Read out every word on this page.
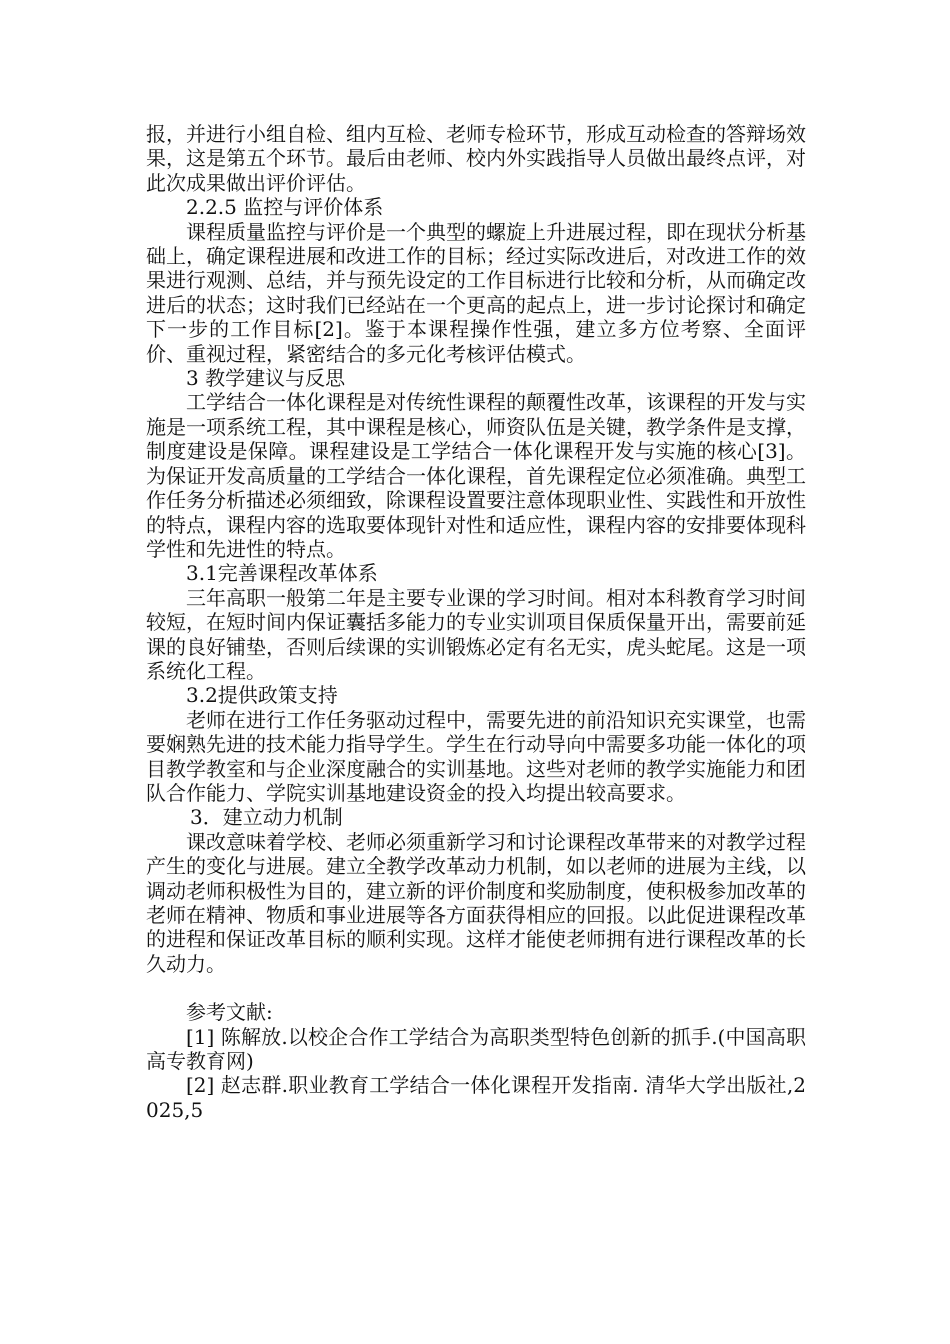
报，并进行小组自检、组内互检、老师专检环节，形成互动检查的答辩场效果，这是第五个环节。最后由老师、校内外实践指导人员做出最终点评，对此次成果做出评价评估。

2.2.5 监控与评价体系

课程质量监控与评价是一个典型的螺旋上升进展过程，即在现状分析基础上，确定课程进展和改进工作的目标；经过实际改进后，对改进工作的效果进行观测、总结，并与预先设定的工作目标进行比较和分析，从而确定改进后的状态；这时我们已经站在一个更高的起点上，进一步讨论探讨和确定下一步的工作目标[2]。鉴于本课程操作性强，建立多方位考察、全面评价、重视过程，紧密结合的多元化考核评估模式。

3 教学建议与反思

工学结合一体化课程是对传统性课程的颠覆性改革，该课程的开发与实施是一项系统工程，其中课程是核心，师资队伍是关键，教学条件是支撑，制度建设是保障。课程建设是工学结合一体化课程开发与实施的核心[3]。为保证开发高质量的工学结合一体化课程，首先课程定位必须准确。典型工作任务分析描述必须细致，除课程设置要注意体现职业性、实践性和开放性的特点，课程内容的选取要体现针对性和适应性，课程内容的安排要体现科学性和先进性的特点。

3.1完善课程改革体系

三年高职一般第二年是主要专业课的学习时间。相对本科教育学习时间较短，在短时间内保证囊括多能力的专业实训项目保质保量开出，需要前延课的良好铺垫，否则后续课的实训锻炼必定有名无实，虎头蛇尾。这是一项系统化工程。

3.2提供政策支持

老师在进行工作任务驱动过程中，需要先进的前沿知识充实课堂，也需要娴熟先进的技术能力指导学生。学生在行动导向中需要多功能一体化的项目教学教室和与企业深度融合的实训基地。这些对老师的教学实施能力和团队合作能力、学院实训基地建设资金的投入均提出较高要求。

3．建立动力机制

课改意味着学校、老师必须重新学习和讨论课程改革带来的对教学过程产生的变化与进展。建立全教学改革动力机制，如以老师的进展为主线，以调动老师积极性为目的，建立新的评价制度和奖励制度，使积极参加改革的老师在精神、物质和事业进展等各方面获得相应的回报。以此促进课程改革的进程和保证改革目标的顺利实现。这样才能使老师拥有进行课程改革的长久动力。

参考文献:

[1] 陈解放.以校企合作工学结合为高职类型特色创新的抓手.(中国高职高专教育网)

[2] 赵志群.职业教育工学结合一体化课程开发指南. 清华大学出版社,2025,5
